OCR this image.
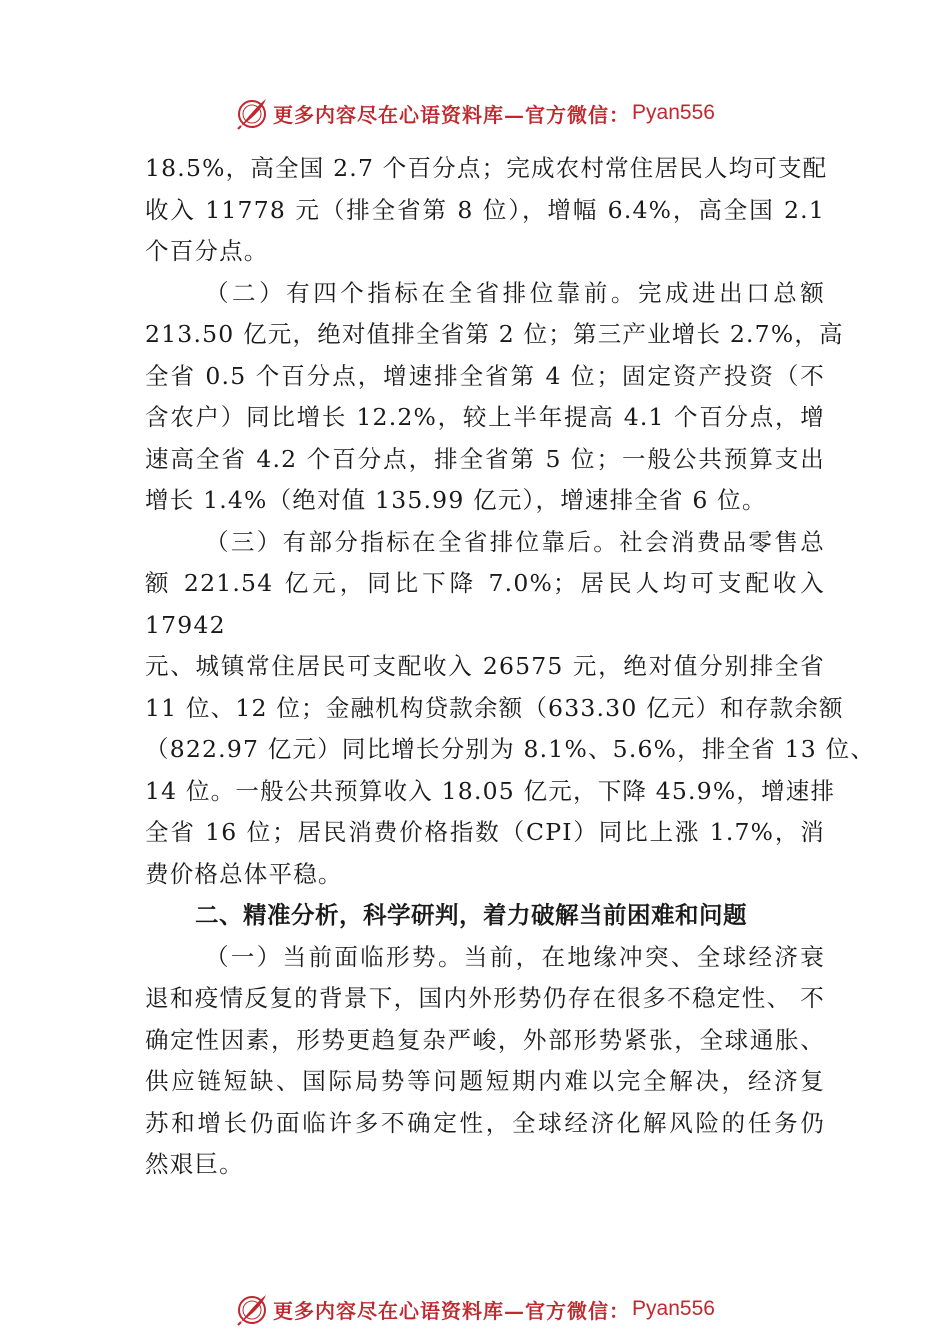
更多内容尽在心语资料库—官方微信： Pyan556
18.5%，高全国 2.7 个百分点；完成农村常住居民人均可支配
收入 11778 元（排全省第 8 位），增幅 6.4%，高全国 2.1
个百分点。
（二）有四个指标在全省排位靠前。完成进出口总额
213.50 亿元，绝对值排全省第 2 位；第三产业增长 2.7%，高
全省 0.5 个百分点，增速排全省第 4 位；固定资产投资（不
含农户）同比增长 12.2%，较上半年提高 4.1 个百分点，增
速高全省 4.2 个百分点，排全省第 5 位；一般公共预算支出
增长 1.4%（绝对值 135.99 亿元），增速排全省 6 位。
（三）有部分指标在全省排位靠后。社会消费品零售总
额 221.54 亿元，同比下降 7.0%；居民人均可支配收入
17942
元、城镇常住居民可支配收入 26575 元，绝对值分别排全省
11 位、12 位；金融机构贷款余额（633.30 亿元）和存款余额
（822.97 亿元）同比增长分别为 8.1%、5.6%，排全省 13 位、
14 位。一般公共预算收入 18.05 亿元，下降 45.9%，增速排
全省 16 位；居民消费价格指数（CPI）同比上涨 1.7%，消
费价格总体平稳。
二、精准分析，科学研判，着力破解当前困难和问题
（一）当前面临形势。当前，在地缘冲突、全球经济衰
退和疫情反复的背景下，国内外形势仍存在很多不稳定性、 不
确定性因素，形势更趋复杂严峻，外部形势紧张，全球通胀、
供应链短缺、国际局势等问题短期内难以完全解决，经济复
苏和增长仍面临许多不确定性，全球经济化解风险的任务仍
然艰巨。
更多内容尽在心语资料库—官方微信： Pyan556
